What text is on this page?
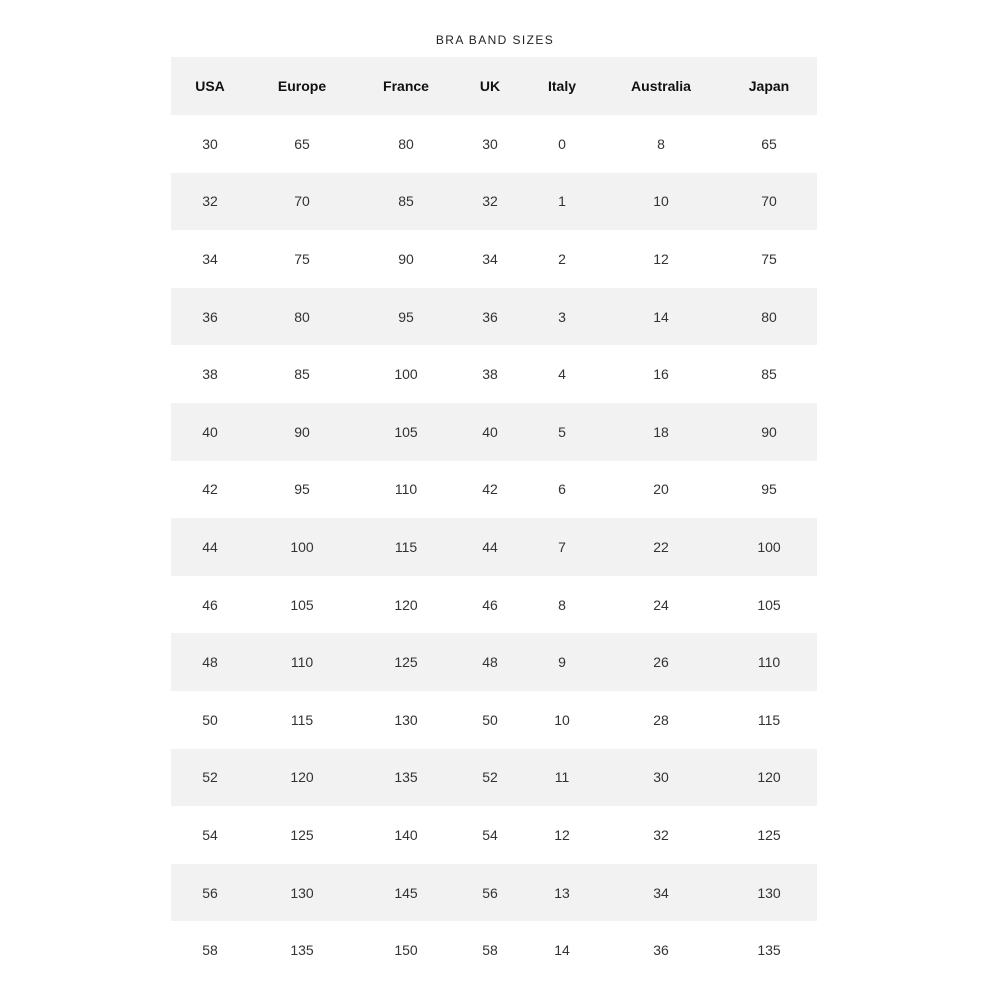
BRA BAND SIZES
USA	Europe	France	UK	Italy	Australia	Japan
30	65	80	30	0	8	65
32	70	85	32	1	10	70
34	75	90	34	2	12	75
36	80	95	36	3	14	80
38	85	100	38	4	16	85
40	90	105	40	5	18	90
42	95	110	42	6	20	95
44	100	115	44	7	22	100
46	105	120	46	8	24	105
48	110	125	48	9	26	110
50	115	130	50	10	28	115
52	120	135	52	11	30	120
54	125	140	54	12	32	125
56	130	145	56	13	34	130
58	135	150	58	14	36	135
